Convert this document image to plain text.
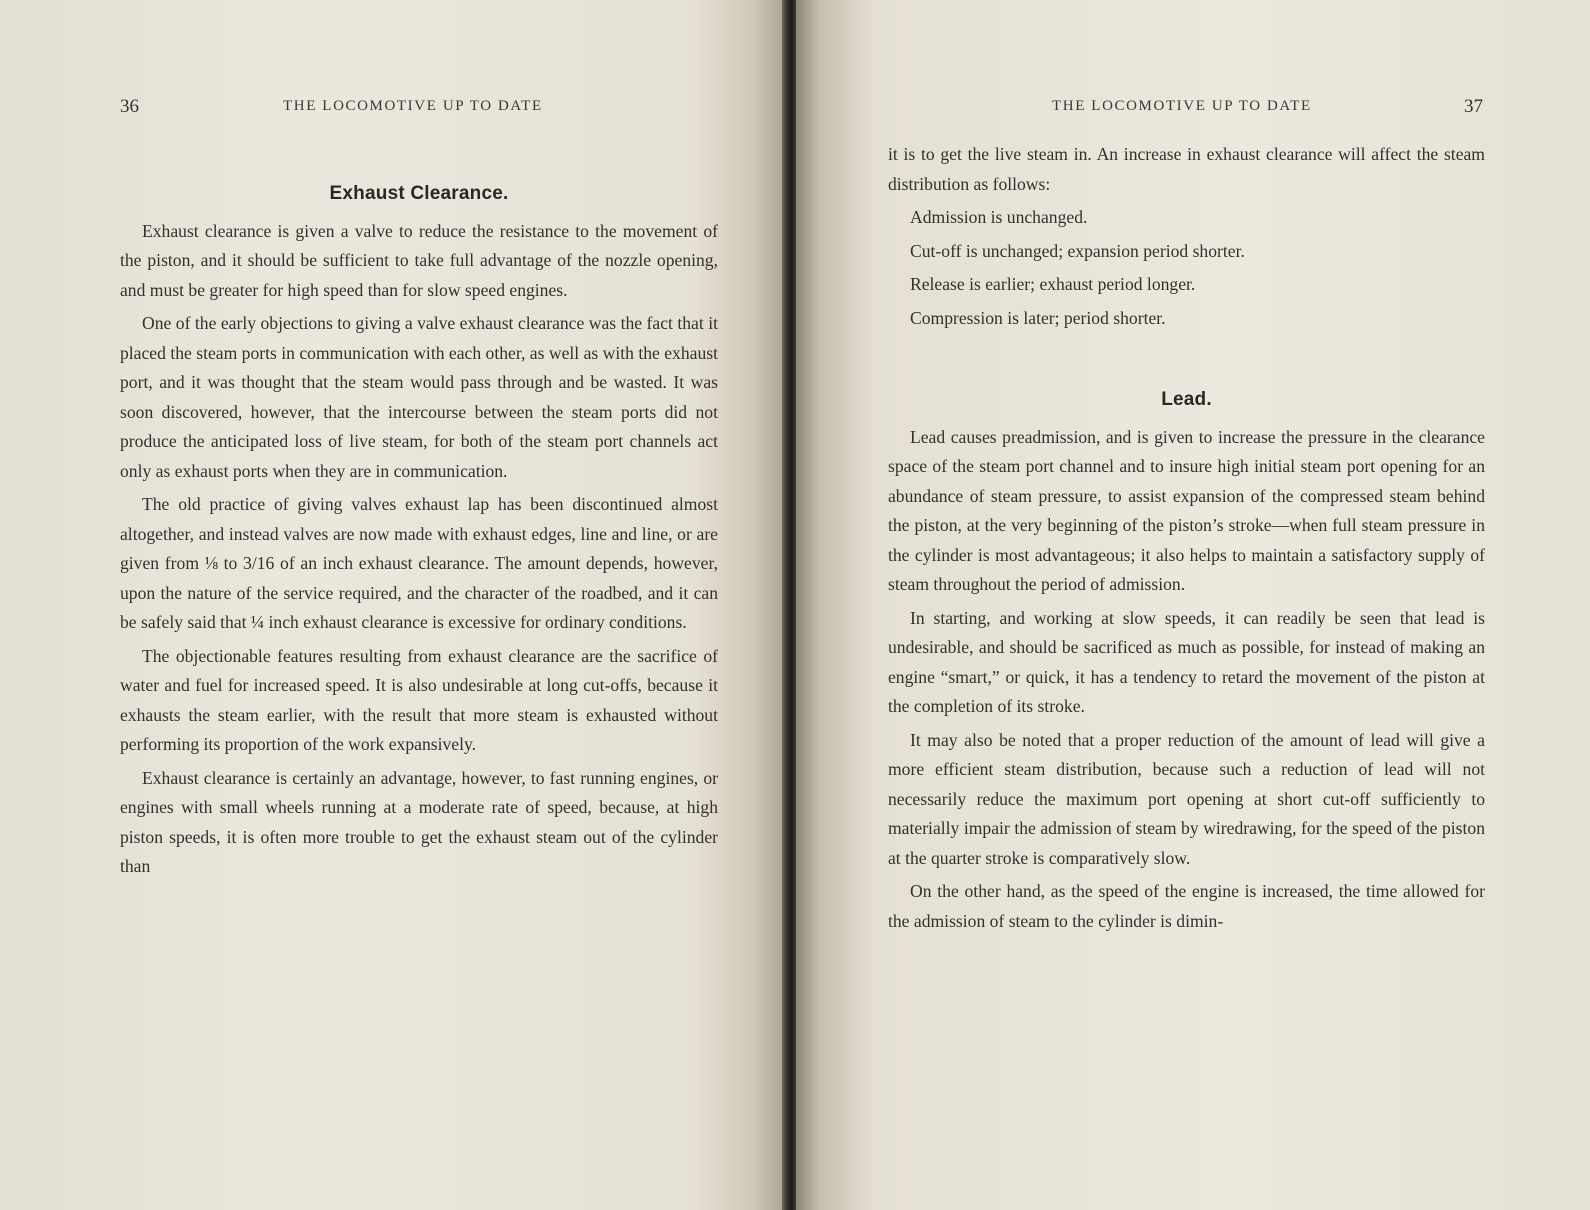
36	THE LOCOMOTIVE UP TO DATE
Exhaust Clearance.

Exhaust clearance is given a valve to reduce the resistance to the movement of the piston, and it should be sufficient to take full advantage of the nozzle opening, and must be greater for high speed than for slow speed engines.

One of the early objections to giving a valve exhaust clearance was the fact that it placed the steam ports in communication with each other, as well as with the exhaust port, and it was thought that the steam would pass through and be wasted. It was soon discovered, however, that the intercourse between the steam ports did not produce the anticipated loss of live steam, for both of the steam port channels act only as exhaust ports when they are in communication.

The old practice of giving valves exhaust lap has been discontinued almost altogether, and instead valves are now made with exhaust edges, line and line, or are given from ⅛ to 3/16 of an inch exhaust clearance. The amount depends, however, upon the nature of the service required, and the character of the roadbed, and it can be safely said that ¼ inch exhaust clearance is excessive for ordinary conditions.

The objectionable features resulting from exhaust clearance are the sacrifice of water and fuel for increased speed. It is also undesirable at long cut-offs, because it exhausts the steam earlier, with the result that more steam is exhausted without performing its proportion of the work expansively.

Exhaust clearance is certainly an advantage, however, to fast running engines, or engines with small wheels running at a moderate rate of speed, because, at high piston speeds, it is often more trouble to get the exhaust steam out of the cylinder than

THE LOCOMOTIVE UP TO DATE	37

it is to get the live steam in. An increase in exhaust clearance will affect the steam distribution as follows:

Admission is unchanged.
Cut-off is unchanged; expansion period shorter.
Release is earlier; exhaust period longer.
Compression is later; period shorter.
Lead.

Lead causes preadmission, and is given to increase the pressure in the clearance space of the steam port channel and to insure high initial steam port opening for an abundance of steam pressure, to assist expansion of the compressed steam behind the piston, at the very beginning of the piston’s stroke—when full steam pressure in the cylinder is most advantageous; it also helps to maintain a satisfactory supply of steam throughout the period of admission.

In starting, and working at slow speeds, it can readily be seen that lead is undesirable, and should be sacrificed as much as possible, for instead of making an engine “smart,” or quick, it has a tendency to retard the movement of the piston at the completion of its stroke.

It may also be noted that a proper reduction of the amount of lead will give a more efficient steam distribution, because such a reduction of lead will not necessarily reduce the maximum port opening at short cut-off sufficiently to materially impair the admission of steam by wiredrawing, for the speed of the piston at the quarter stroke is comparatively slow.

On the other hand, as the speed of the engine is increased, the time allowed for the admission of steam to the cylinder is dimin-
